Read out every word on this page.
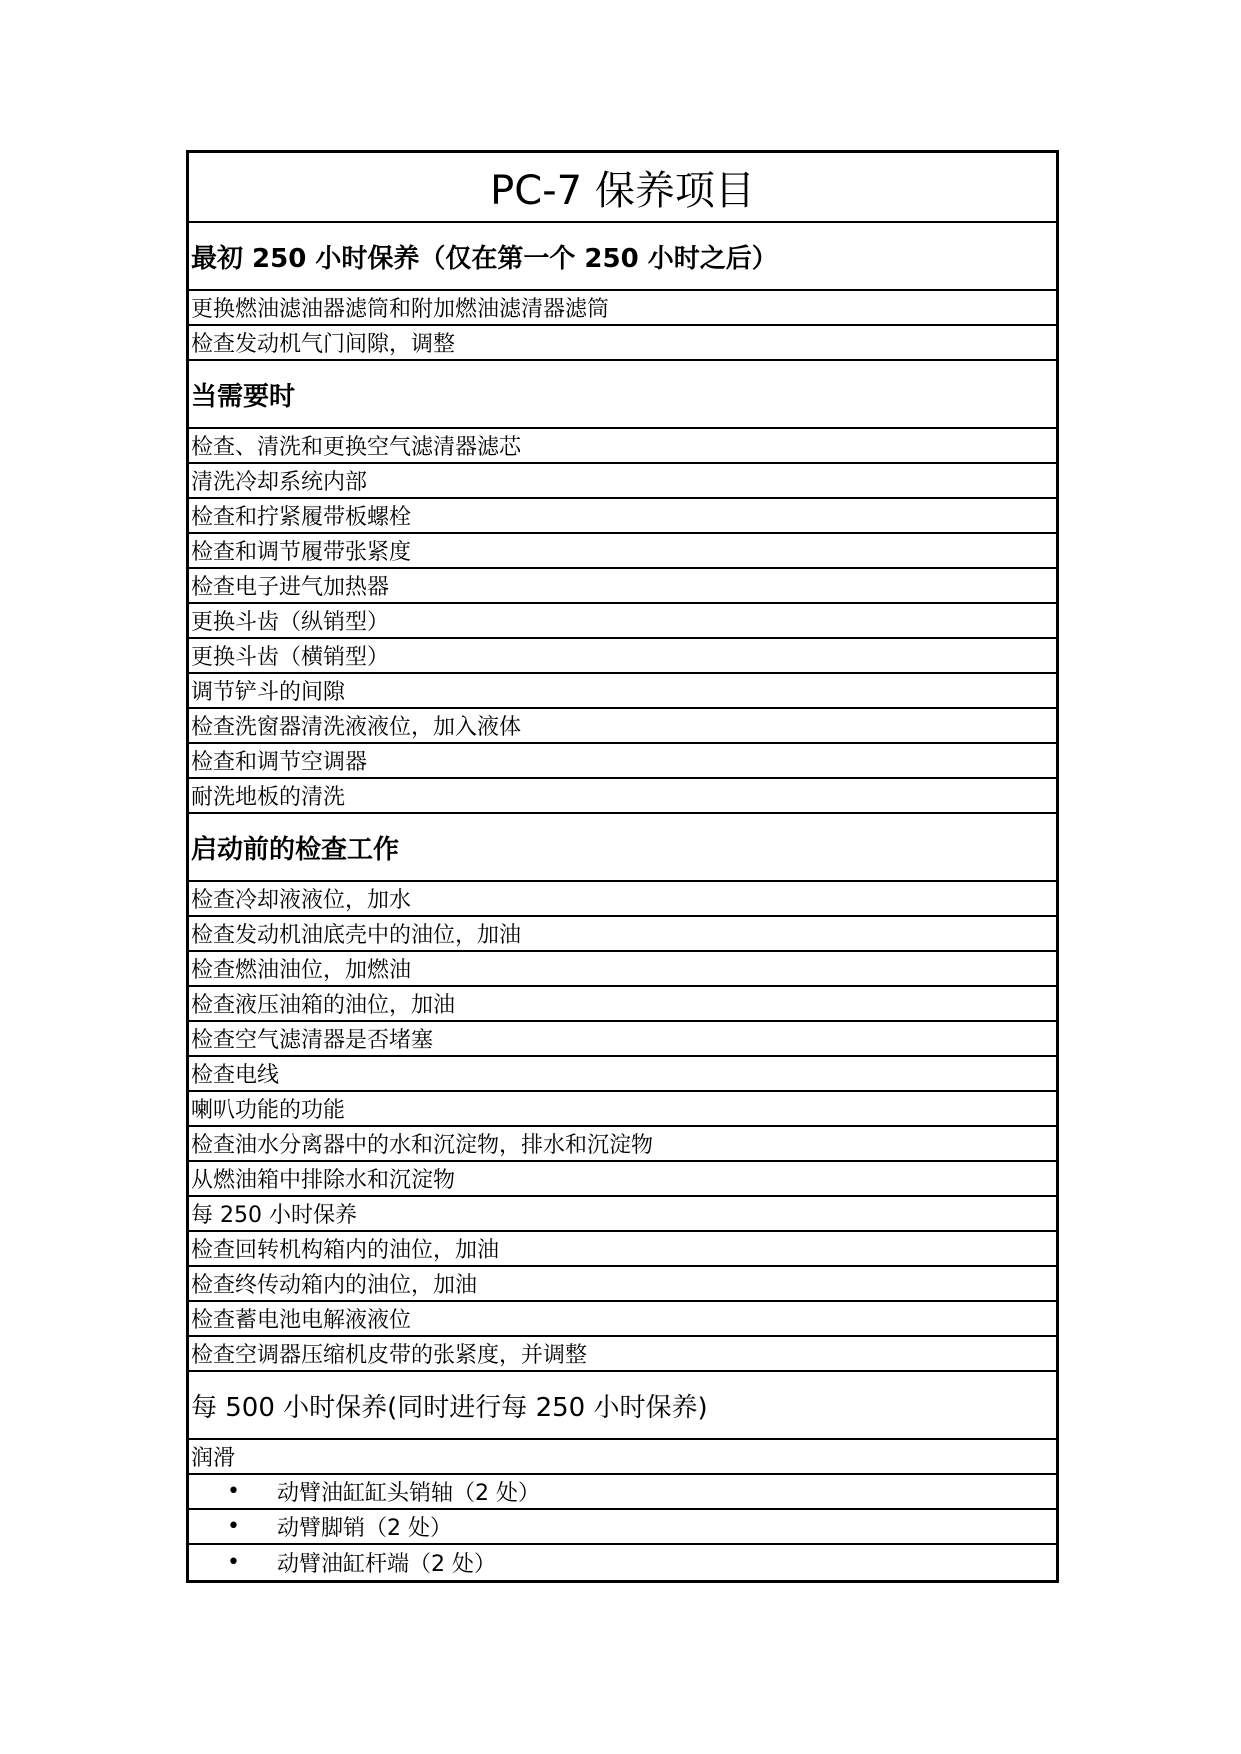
PC-7 保养项目
最初 250 小时保养（仅在第一个 250 小时之后）
更换燃油滤油器滤筒和附加燃油滤清器滤筒
检查发动机气门间隙，调整
当需要时
检查、清洗和更换空气滤清器滤芯
清洗冷却系统内部
检查和拧紧履带板螺栓
检查和调节履带张紧度
检查电子进气加热器
更换斗齿（纵销型）
更换斗齿（横销型）
调节铲斗的间隙
检查洗窗器清洗液液位，加入液体
检查和调节空调器
耐洗地板的清洗
启动前的检查工作
检查冷却液液位，加水
检查发动机油底壳中的油位，加油
检查燃油油位，加燃油
检查液压油箱的油位，加油
检查空气滤清器是否堵塞
检查电线
喇叭功能的功能
检查油水分离器中的水和沉淀物，排水和沉淀物
从燃油箱中排除水和沉淀物
每 250 小时保养
检查回转机构箱内的油位，加油
检查终传动箱内的油位，加油
检查蓄电池电解液液位
检查空调器压缩机皮带的张紧度，并调整
每 500 小时保养(同时进行每 250 小时保养)
润滑
•	动臂油缸缸头销轴（2 处）
•	动臂脚销（2 处）
•	动臂油缸杆端（2 处）
